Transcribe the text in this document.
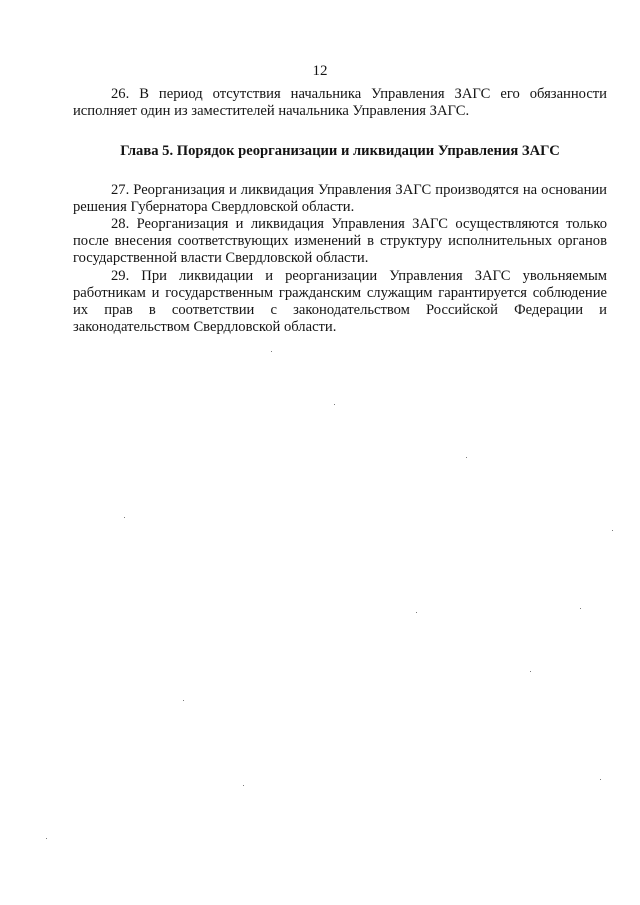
12

26. В период отсутствия начальника Управления ЗАГС его обязанности исполняет один из заместителей начальника Управления ЗАГС.

Глава 5. Порядок реорганизации и ликвидации Управления ЗАГС

27. Реорганизация и ликвидация Управления ЗАГС производятся на основании решения Губернатора Свердловской области.

28. Реорганизация и ликвидация Управления ЗАГС осуществляются только после внесения соответствующих изменений в структуру исполнительных органов государственной власти Свердловской области.

29. При ликвидации и реорганизации Управления ЗАГС увольняемым работникам и государственным гражданским служащим гарантируется соблюдение их прав в соответствии с законодательством Российской Федерации и законодательством Свердловской области.
